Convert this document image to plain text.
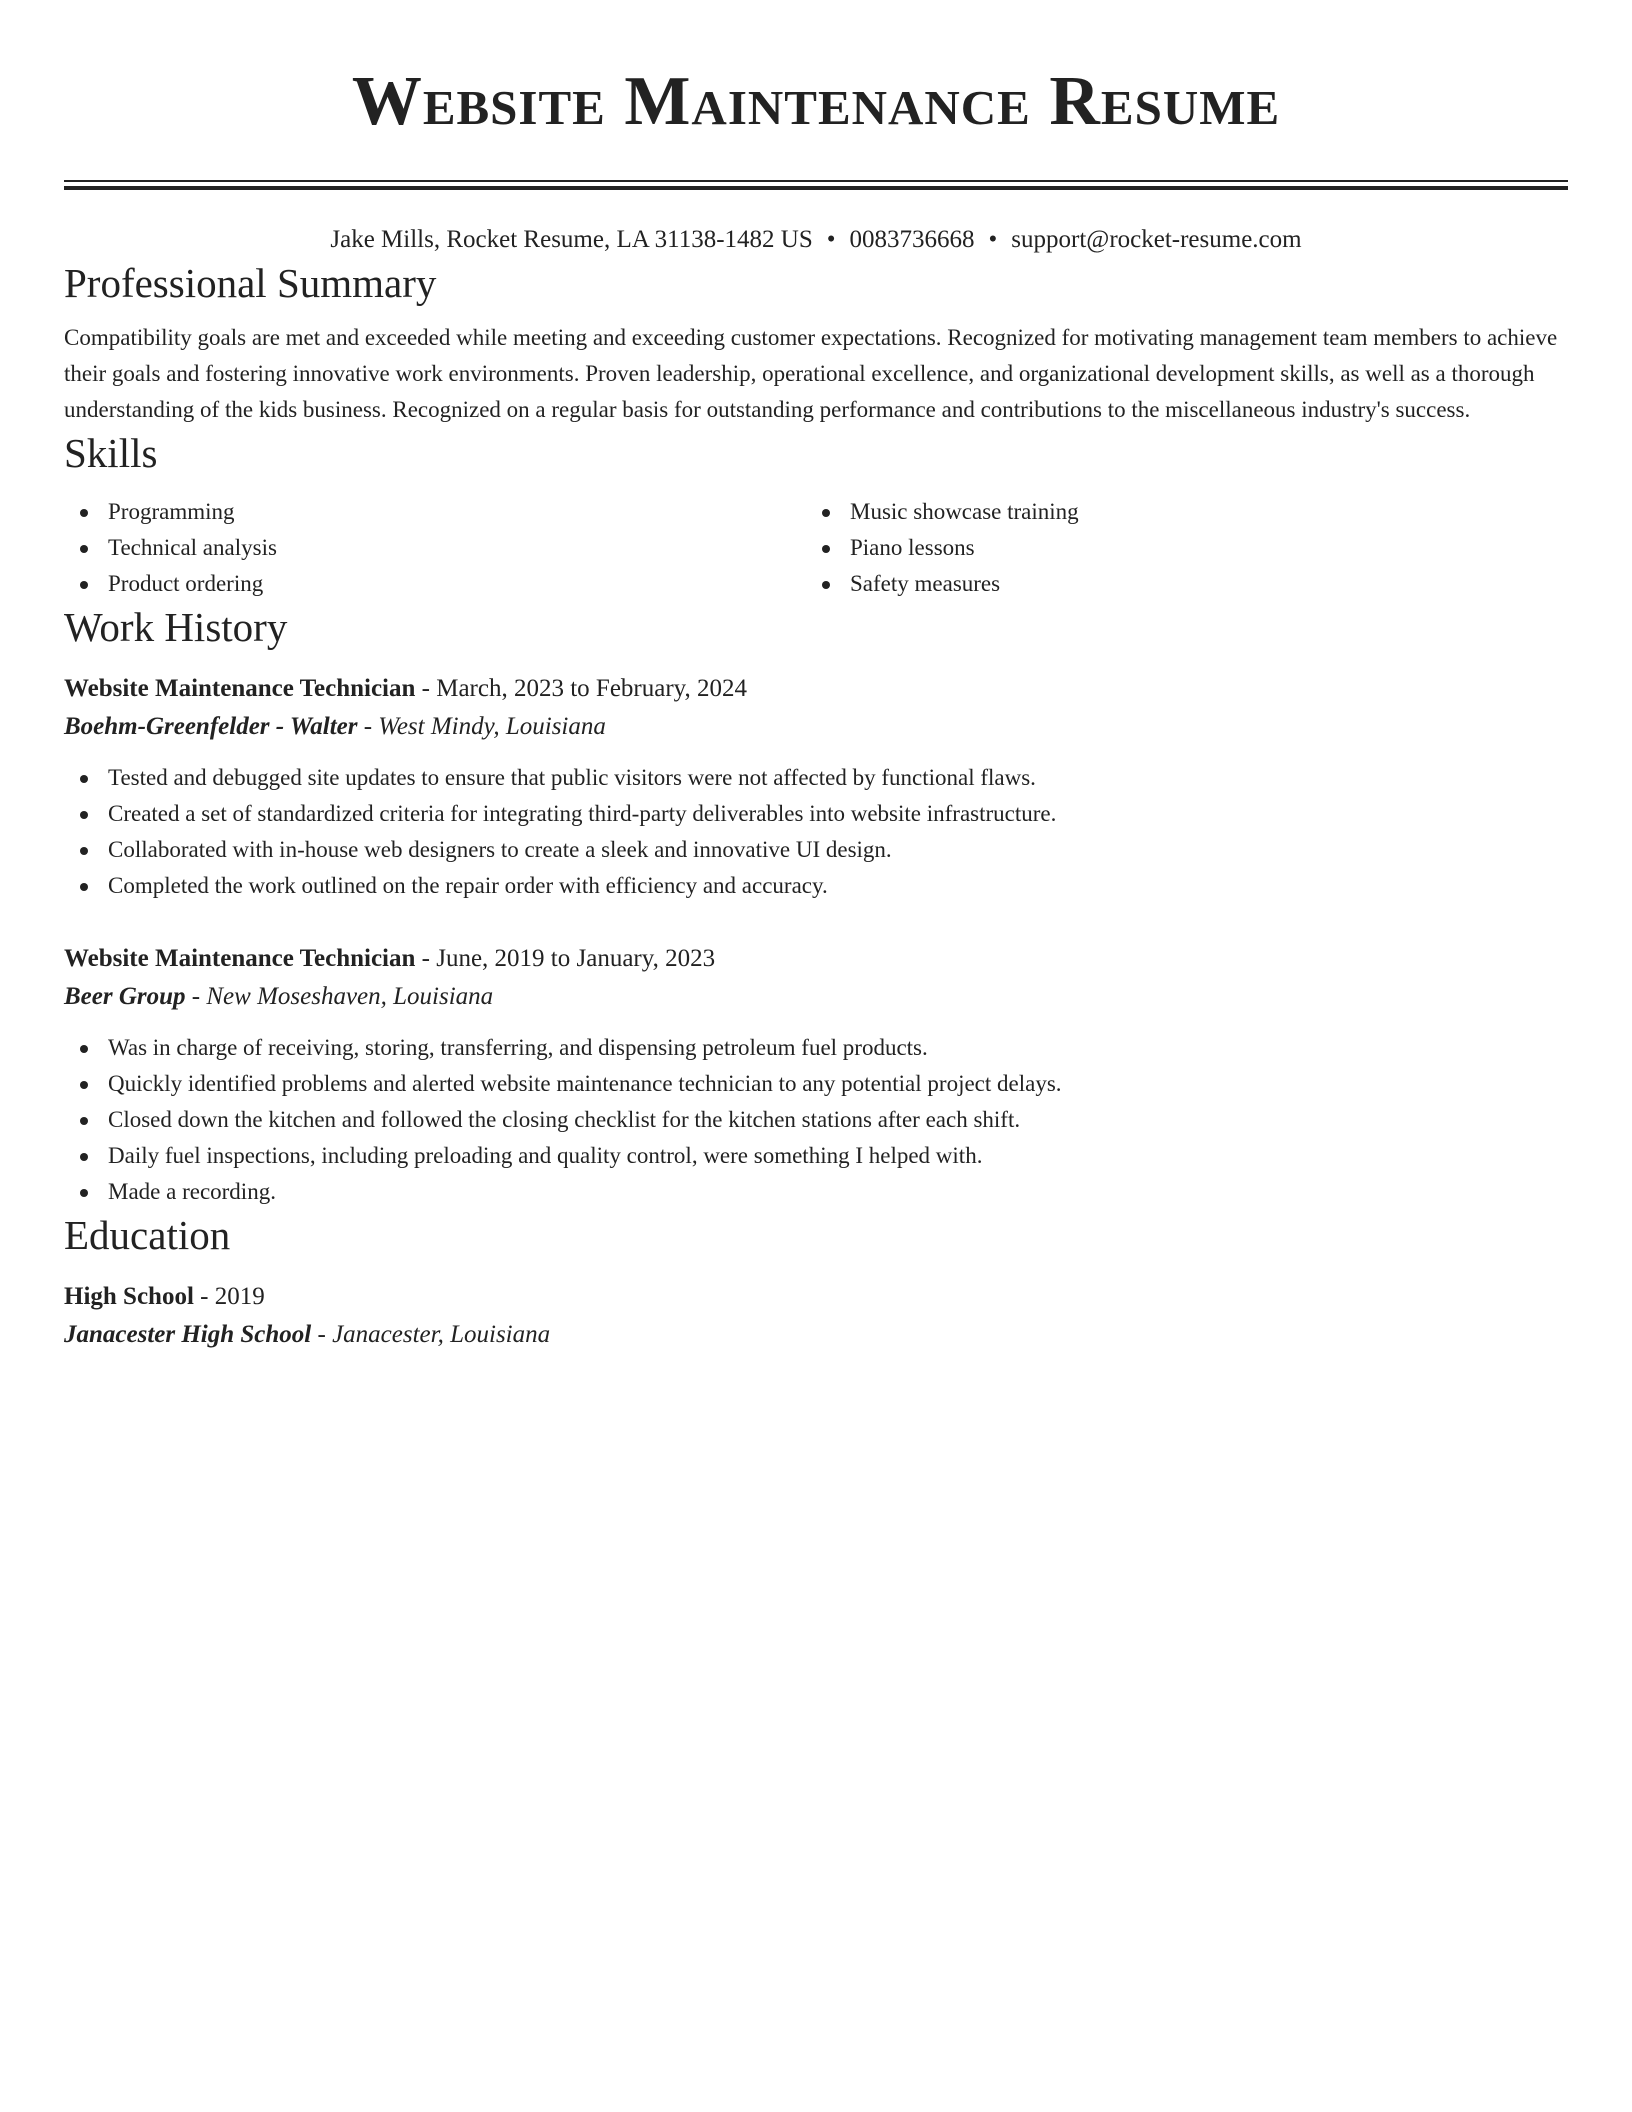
Website Maintenance Resume
Jake Mills, Rocket Resume, LA 31138-1482 US • 0083736668 • support@rocket-resume.com
Professional Summary

Compatibility goals are met and exceeded while meeting and exceeding customer expectations. Recognized for motivating management team members to achieve their goals and fostering innovative work environments. Proven leadership, operational excellence, and organizational development skills, as well as a thorough understanding of the kids business. Recognized on a regular basis for outstanding performance and contributions to the miscellaneous industry's success.

Skills
Programming
Technical analysis
Product ordering
Music showcase training
Piano lessons
Safety measures
Work History
Website Maintenance Technician - March, 2023 to February, 2024
Boehm-Greenfelder - Walter - West Mindy, Louisiana
Tested and debugged site updates to ensure that public visitors were not affected by functional flaws.
Created a set of standardized criteria for integrating third-party deliverables into website infrastructure.
Collaborated with in-house web designers to create a sleek and innovative UI design.
Completed the work outlined on the repair order with efficiency and accuracy.
Website Maintenance Technician - June, 2019 to January, 2023
Beer Group - New Moseshaven, Louisiana
Was in charge of receiving, storing, transferring, and dispensing petroleum fuel products.
Quickly identified problems and alerted website maintenance technician to any potential project delays.
Closed down the kitchen and followed the closing checklist for the kitchen stations after each shift.
Daily fuel inspections, including preloading and quality control, were something I helped with.
Made a recording.
Education
High School - 2019
Janacester High School - Janacester, Louisiana
